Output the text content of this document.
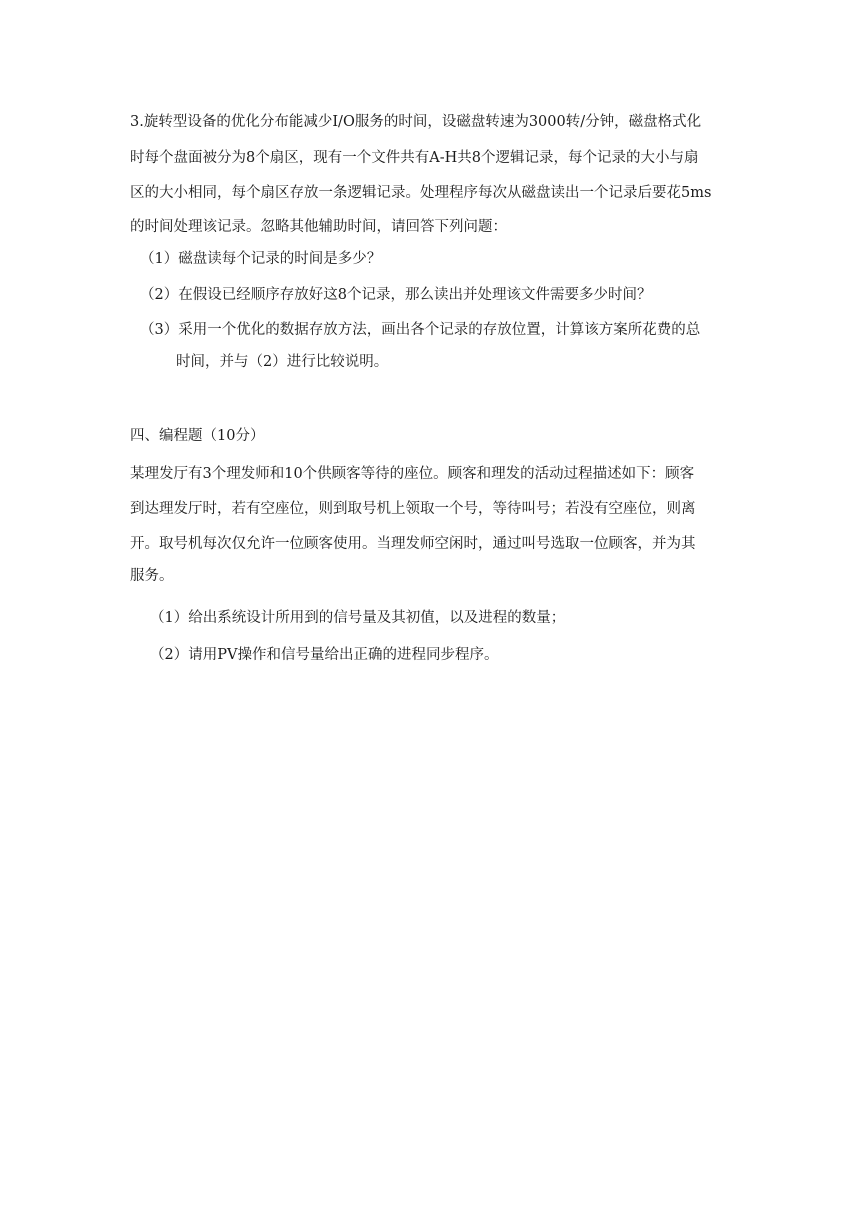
3.旋转型设备的优化分布能减少I/O服务的时间，设磁盘转速为3000转/分钟，磁盘格式化
时每个盘面被分为8个扇区，现有一个文件共有A-H共8个逻辑记录，每个记录的大小与扇
区的大小相同，每个扇区存放一条逻辑记录。处理程序每次从磁盘读出一个记录后要花5ms
的时间处理该记录。忽略其他辅助时间，请回答下列问题：
（1）磁盘读每个记录的时间是多少？
（2）在假设已经顺序存放好这8个记录，那么读出并处理该文件需要多少时间？
（3）采用一个优化的数据存放方法，画出各个记录的存放位置，计算该方案所花费的总
时间，并与（2）进行比较说明。
四、编程题（10分）
某理发厅有3个理发师和10个供顾客等待的座位。顾客和理发的活动过程描述如下：顾客
到达理发厅时，若有空座位，则到取号机上领取一个号，等待叫号；若没有空座位，则离
开。取号机每次仅允许一位顾客使用。当理发师空闲时，通过叫号选取一位顾客，并为其
服务。
（1）给出系统设计所用到的信号量及其初值，以及进程的数量；
（2）请用PV操作和信号量给出正确的进程同步程序。
